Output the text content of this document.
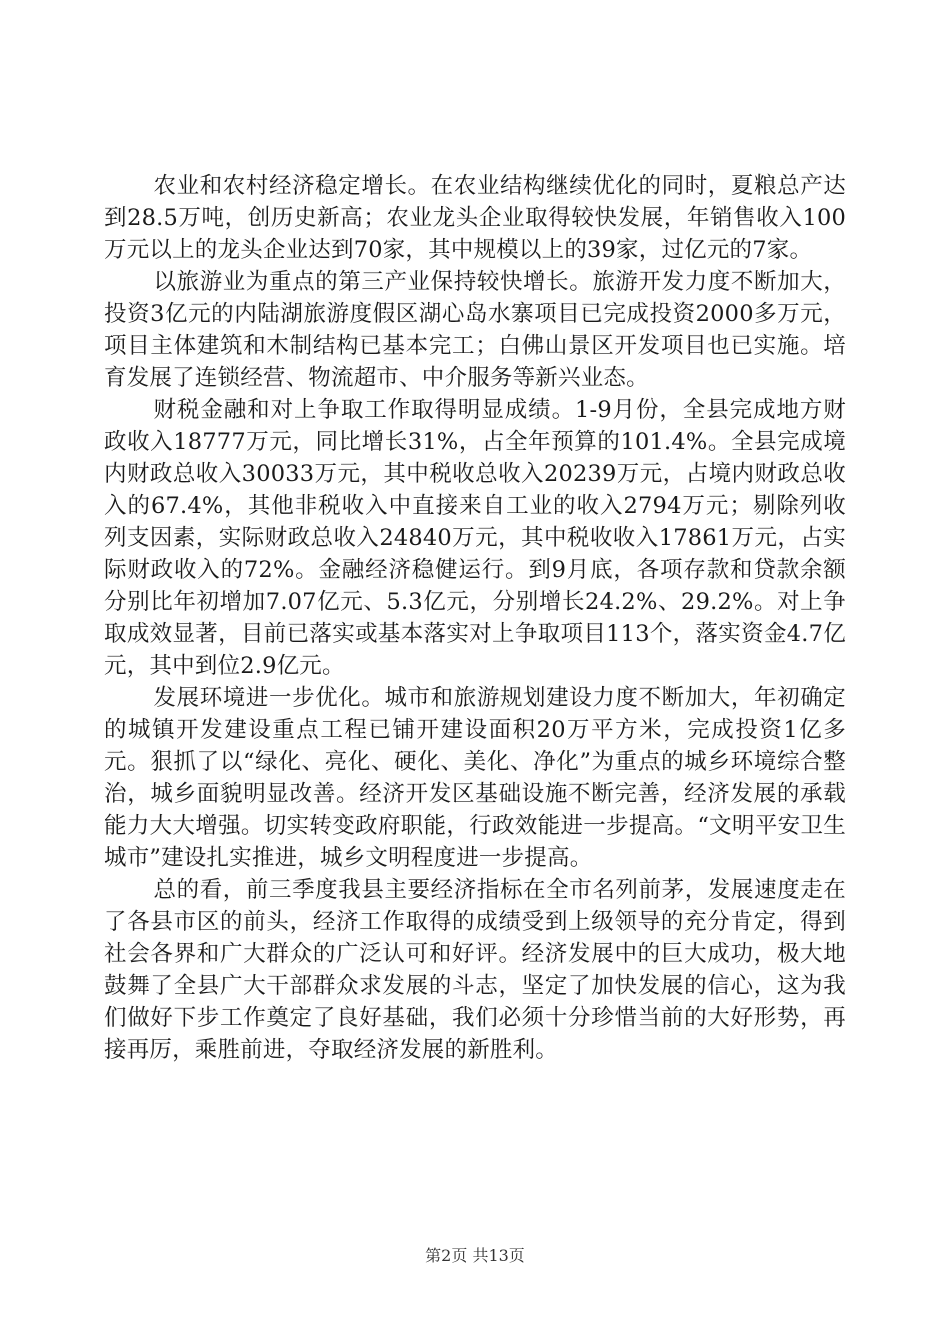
农业和农村经济稳定增长。在农业结构继续优化的同时，夏粮总产达到28.5万吨，创历史新高；农业龙头企业取得较快发展，年销售收入100万元以上的龙头企业达到70家，其中规模以上的39家，过亿元的7家。

以旅游业为重点的第三产业保持较快增长。旅游开发力度不断加大，投资3亿元的内陆湖旅游度假区湖心岛水寨项目已完成投资2000多万元，项目主体建筑和木制结构已基本完工；白佛山景区开发项目也已实施。培育发展了连锁经营、物流超市、中介服务等新兴业态。

财税金融和对上争取工作取得明显成绩。1-9月份，全县完成地方财政收入18777万元，同比增长31%，占全年预算的101.4%。全县完成境内财政总收入30033万元，其中税收总收入20239万元，占境内财政总收入的67.4%，其他非税收入中直接来自工业的收入2794万元；剔除列收列支因素，实际财政总收入24840万元，其中税收收入17861万元，占实际财政收入的72%。金融经济稳健运行。到9月底，各项存款和贷款余额分别比年初增加7.07亿元、5.3亿元，分别增长24.2%、29.2%。对上争取成效显著，目前已落实或基本落实对上争取项目113个，落实资金4.7亿元，其中到位2.9亿元。

发展环境进一步优化。城市和旅游规划建设力度不断加大，年初确定的城镇开发建设重点工程已铺开建设面积20万平方米，完成投资1亿多元。狠抓了以“绿化、亮化、硬化、美化、净化”为重点的城乡环境综合整治，城乡面貌明显改善。经济开发区基础设施不断完善，经济发展的承载能力大大增强。切实转变政府职能，行政效能进一步提高。“文明平安卫生城市”建设扎实推进，城乡文明程度进一步提高。

总的看，前三季度我县主要经济指标在全市名列前茅，发展速度走在了各县市区的前头，经济工作取得的成绩受到上级领导的充分肯定，得到社会各界和广大群众的广泛认可和好评。经济发展中的巨大成功，极大地鼓舞了全县广大干部群众求发展的斗志，坚定了加快发展的信心，这为我们做好下步工作奠定了良好基础，我们必须十分珍惜当前的大好形势，再接再厉，乘胜前进，夺取经济发展的新胜利。

第2页 共13页
